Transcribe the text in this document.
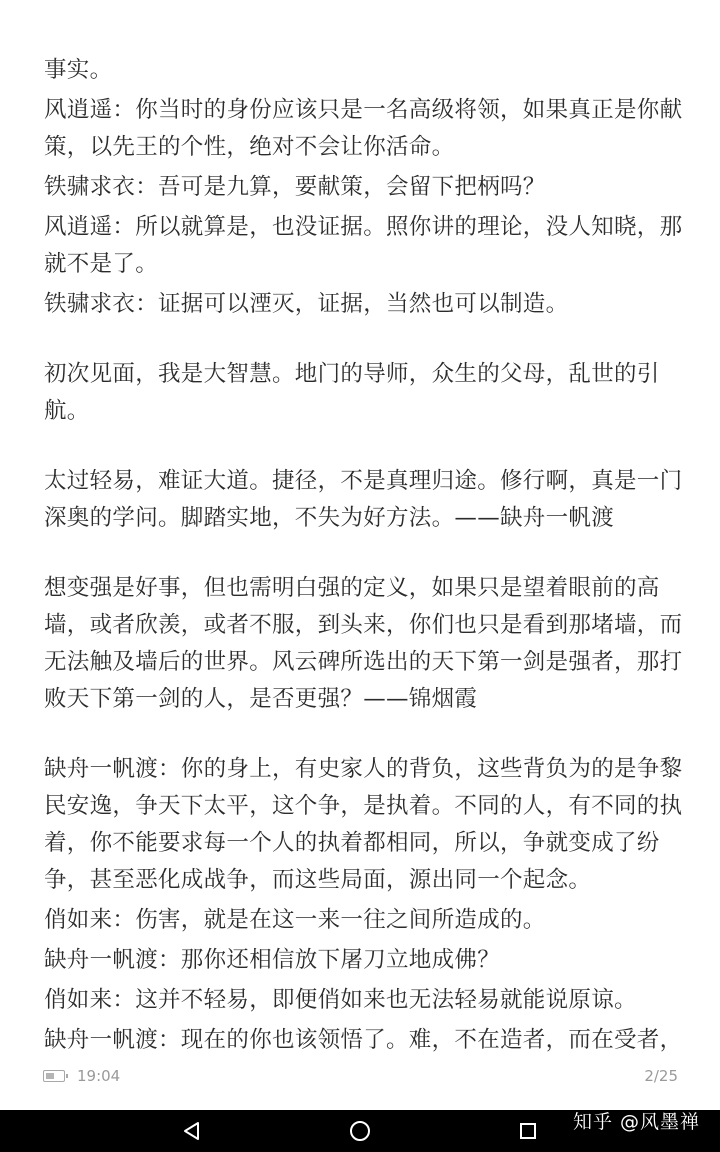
事实。

风逍遥：你当时的身份应该只是一名高级将领，如果真正是你献策，以先王的个性，绝对不会让你活命。

铁骕求衣：吾可是九算，要献策，会留下把柄吗？

风逍遥：所以就算是，也没证据。照你讲的理论，没人知晓，那就不是了。

铁骕求衣：证据可以湮灭，证据，当然也可以制造。

初次见面，我是大智慧。地门的导师，众生的父母，乱世的引航。

太过轻易，难证大道。捷径，不是真理归途。修行啊，真是一门深奥的学问。脚踏实地，不失为好方法。——缺舟一帆渡

想变强是好事，但也需明白强的定义，如果只是望着眼前的高墙，或者欣羡，或者不服，到头来，你们也只是看到那堵墙，而无法触及墙后的世界。风云碑所选出的天下第一剑是强者，那打败天下第一剑的人，是否更强？——锦烟霞

缺舟一帆渡：你的身上，有史家人的背负，这些背负为的是争黎民安逸，争天下太平，这个争，是执着。不同的人，有不同的执着，你不能要求每一个人的执着都相同，所以，争就变成了纷争，甚至恶化成战争，而这些局面，源出同一个起念。

俏如来：伤害，就是在这一来一往之间所造成的。

缺舟一帆渡：那你还相信放下屠刀立地成佛？

俏如来：这并不轻易，即便俏如来也无法轻易就能说原谅。

缺舟一帆渡：现在的你也该领悟了。难，不在造者，而在受者，

19:04	2/25
知乎 @风墨禅
